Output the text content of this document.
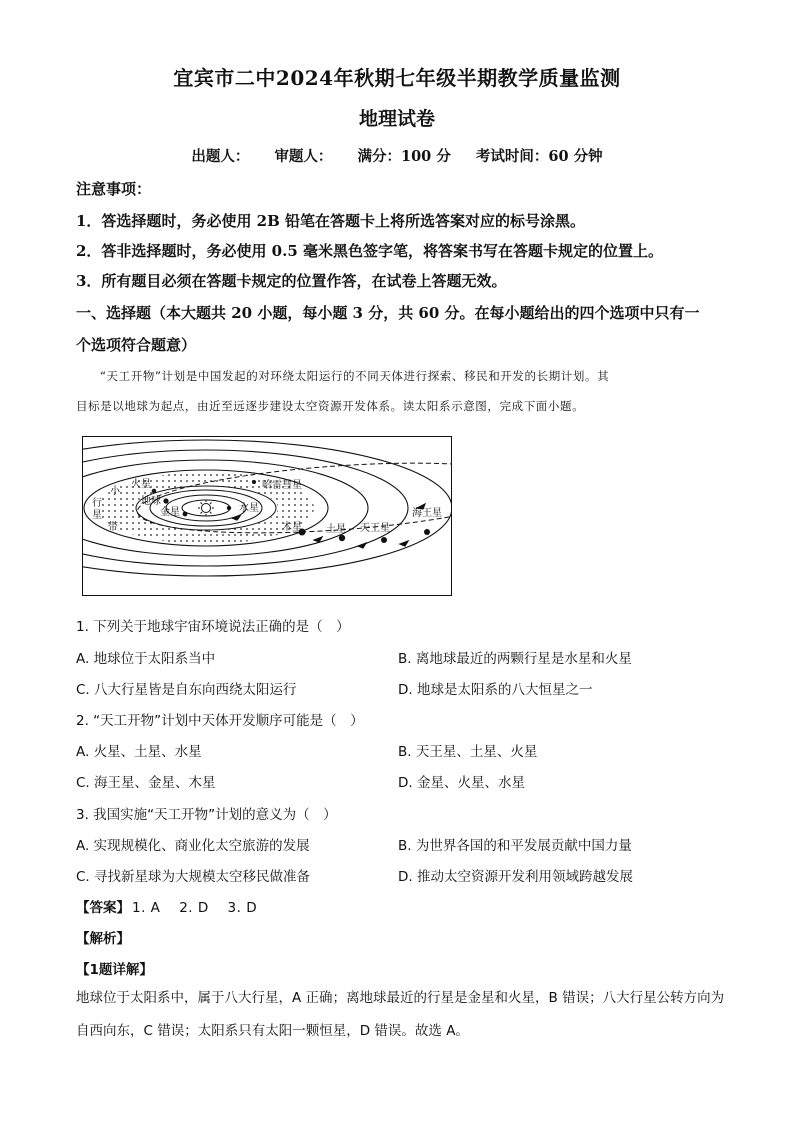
宜宾市二中2024年秋期七年级半期教学质量监测
地理试卷
出题人： 审题人： 满分：100 分 考试时间：60 分钟
注意事项：
1．答选择题时，务必使用 2B 铅笔在答题卡上将所选答案对应的标号涂黑。
2．答非选择题时，务必使用 0.5 毫米黑色签字笔，将答案书写在答题卡规定的位置上。
3．所有题目必须在答题卡规定的位置作答，在试卷上答题无效。
一、选择题（本大题共 20 小题，每小题 3 分，共 60 分。在每小题给出的四个选项中只有一
个选项符合题意）
“天工开物”计划是中国发起的对环绕太阳运行的不同天体进行探索、移民和开发的长期计划。其
目标是以地球为起点，由近至远逐步建设太空资源开发体系。读太阳系示意图，完成下面小题。
火星
地球
金星	水星
哈雷彗星
木星 土星 天王星
海王星
小
行
星
带
1. 下列关于地球宇宙环境说法正确的是（　）
A. 地球位于太阳系当中	B. 离地球最近的两颗行星是水星和火星
C. 八大行星皆是自东向西绕太阳运行	D. 地球是太阳系的八大恒星之一
2. “天工开物”计划中天体开发顺序可能是（　）
A. 火星、土星、水星	B. 天王星、土星、火星
C. 海王星、金星、木星	D. 金星、火星、水星
3. 我国实施“天工开物”计划的意义为（　）
A. 实现规模化、商业化太空旅游的发展	B. 为世界各国的和平发展贡献中国力量
C. 寻找新星球为大规模太空移民做准备	D. 推动太空资源开发利用领域跨越发展
【答案】 1. A　 2. D　 3. D
【解析】
【1题详解】
地球位于太阳系中，属于八大行星，A 正确；离地球最近的行星是金星和火星，B 错误；八大行星公转方向为自西向东，C 错误；太阳系只有太阳一颗恒星，D 错误。故选 A。
